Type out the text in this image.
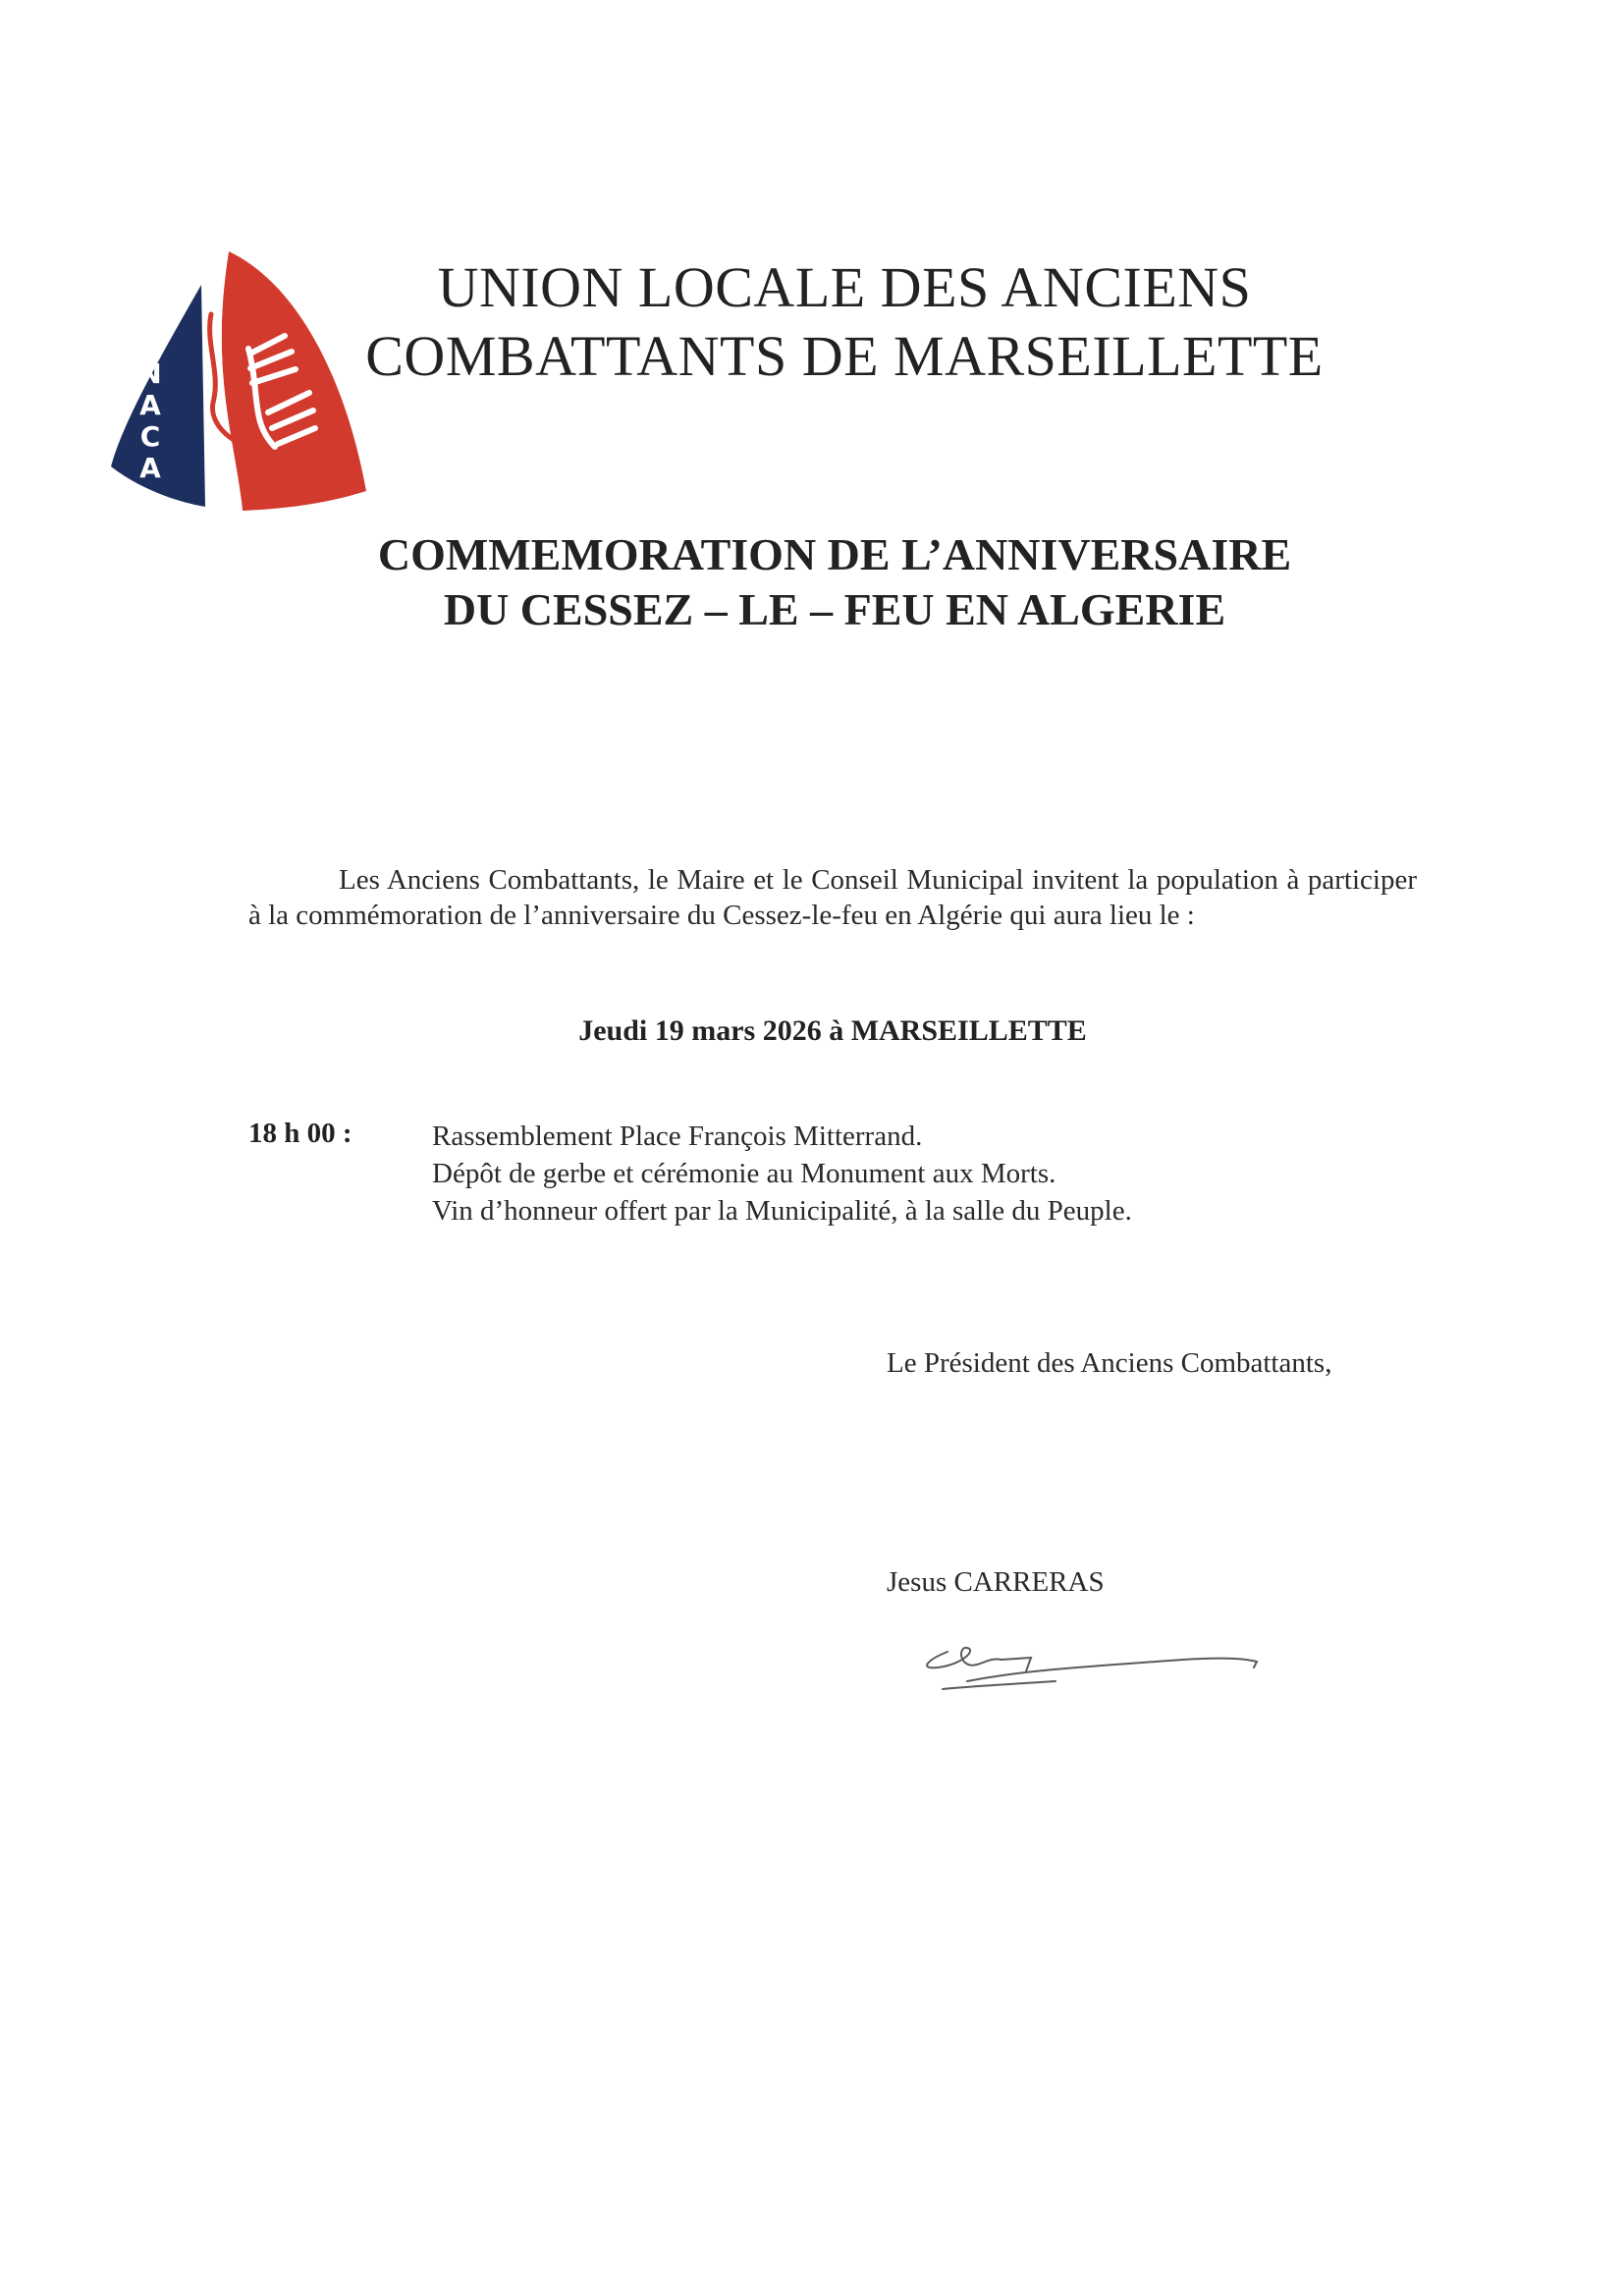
F
N
A
C
A
UNION LOCALE DES ANCIENS
COMBATTANTS DE MARSEILLETTE
COMMEMORATION DE L’ANNIVERSAIRE
DU CESSEZ – LE – FEU EN ALGERIE
Les Anciens Combattants, le Maire et le Conseil Municipal invitent la population à participer à la commémoration de l’anniversaire du Cessez-le-feu en Algérie qui aura lieu le :
Jeudi 19 mars 2026 à MARSEILLETTE
18 h 00 :	Rassemblement Place François Mitterrand.
Dépôt de gerbe et cérémonie au Monument aux Morts.
Vin d’honneur offert par la Municipalité, à la salle du Peuple.
Le Président des Anciens Combattants,
Jesus CARRERAS
